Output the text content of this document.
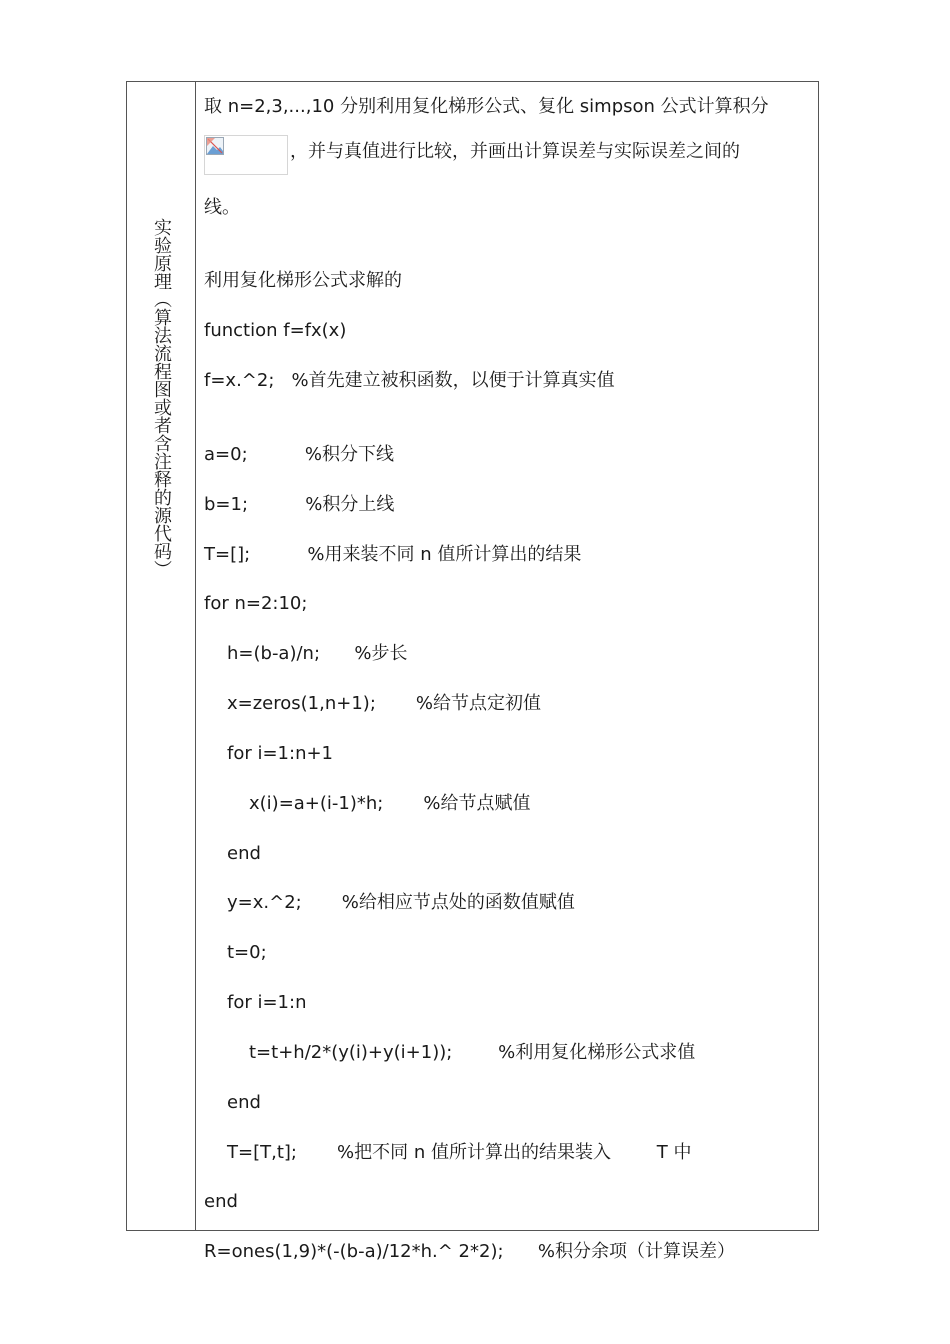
实验原理（算法流程图或者含注释的源代码）
取 n=2,3,...,10 分别利用复化梯形公式、复化 simpson 公式计算积分
，并与真值进行比较，并画出计算误差与实际误差之间的
线。
利用复化梯形公式求解的
function f=fx(x)
f=x.^2;   %首先建立被积函数，以便于计算真实值
a=0;          %积分下线
b=1;          %积分上线
T=[];          %用来装不同 n 值所计算出的结果
for n=2:10;
h=(b-a)/n;      %步长
x=zeros(1,n+1);       %给节点定初值
for i=1:n+1
x(i)=a+(i-1)*h;       %给节点赋值
end
y=x.^2;       %给相应节点处的函数值赋值
t=0;
for i=1:n
t=t+h/2*(y(i)+y(i+1));        %利用复化梯形公式求值
end
T=[T,t];       %把不同 n 值所计算出的结果装入        T 中
end
R=ones(1,9)*(-(b-a)/12*h.^ 2*2);      %积分余项（计算误差）
